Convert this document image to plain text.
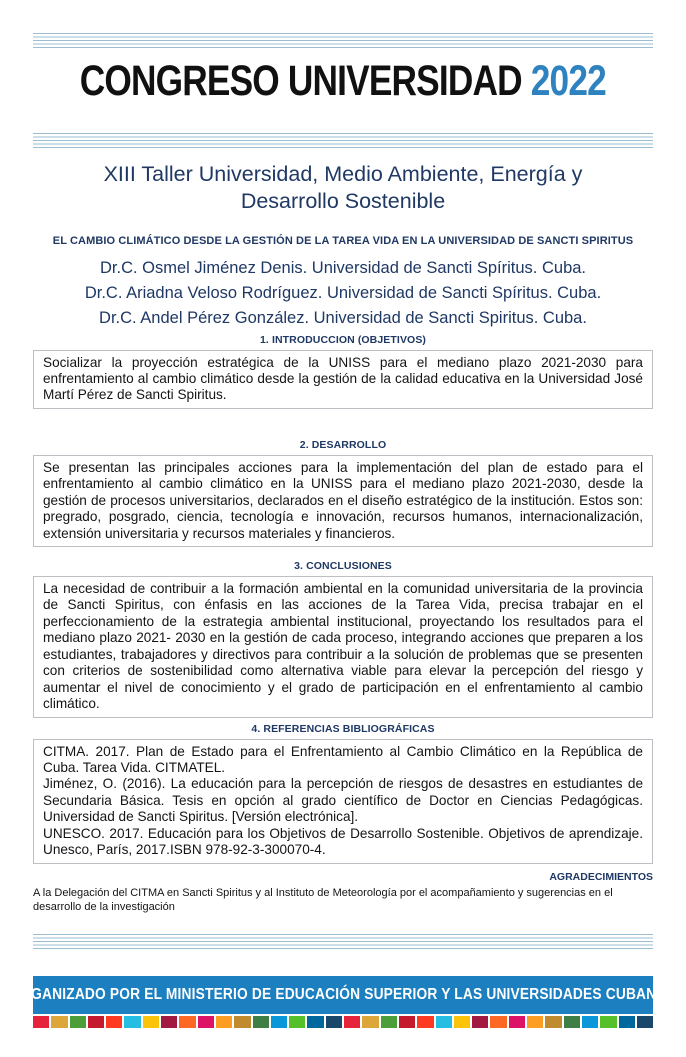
CONGRESO UNIVERSIDAD 2022
XIII Taller Universidad, Medio Ambiente, Energía y Desarrollo Sostenible
EL CAMBIO CLIMÁTICO DESDE LA GESTIÓN DE LA TAREA VIDA EN LA UNIVERSIDAD DE SANCTI SPIRITUS
Dr.C. Osmel Jiménez Denis. Universidad de Sancti Spíritus. Cuba.
Dr.C. Ariadna Veloso Rodríguez. Universidad de Sancti Spíritus. Cuba.
Dr.C. Andel Pérez González. Universidad de Sancti Spiritus. Cuba.
1. INTRODUCCION (OBJETIVOS)

Socializar la proyección estratégica de la UNISS para el mediano plazo 2021-2030 para enfrentamiento al cambio climático desde la gestión de la calidad educativa en la Universidad José Martí Pérez de Sancti Spiritus.

2. DESARROLLO

Se presentan las principales acciones para la implementación del plan de estado para el enfrentamiento al cambio climático en la UNISS para el mediano plazo 2021-2030, desde la gestión de procesos universitarios, declarados en el diseño estratégico de la institución. Estos son: pregrado, posgrado, ciencia, tecnología e innovación, recursos humanos, internacionalización, extensión universitaria y recursos materiales y financieros.

3. CONCLUSIONES

La necesidad de contribuir a la formación ambiental en la comunidad universitaria de la provincia de Sancti Spiritus, con énfasis en las acciones de la Tarea Vida, precisa trabajar en el perfeccionamiento de la estrategia ambiental institucional, proyectando los resultados para el mediano plazo 2021- 2030 en la gestión de cada proceso, integrando acciones que preparen a los estudiantes, trabajadores y directivos para contribuir a la solución de problemas que se presenten con criterios de sostenibilidad como alternativa viable para elevar la percepción del riesgo y aumentar el nivel de conocimiento y el grado de participación en el enfrentamiento al cambio climático.

4. REFERENCIAS BIBLIOGRÁFICAS

CITMA. 2017. Plan de Estado para el Enfrentamiento al Cambio Climático en la República de Cuba. Tarea Vida. CITMATEL.

Jiménez, O. (2016). La educación para la percepción de riesgos de desastres en estudiantes de Secundaria Básica. Tesis en opción al grado científico de Doctor en Ciencias Pedagógicas. Universidad de Sancti Spiritus. [Versión electrónica].

UNESCO. 2017. Educación para los Objetivos de Desarrollo Sostenible. Objetivos de aprendizaje. Unesco, París, 2017.ISBN 978-92-3-300070-4.

AGRADECIMIENTOS
A la Delegación del CITMA en Sancti Spiritus y al Instituto de Meteorología por el acompañamiento y sugerencias en el desarrollo de la investigación
ORGANIZADO POR EL MINISTERIO DE EDUCACIÓN SUPERIOR Y LAS UNIVERSIDADES CUBANAS
